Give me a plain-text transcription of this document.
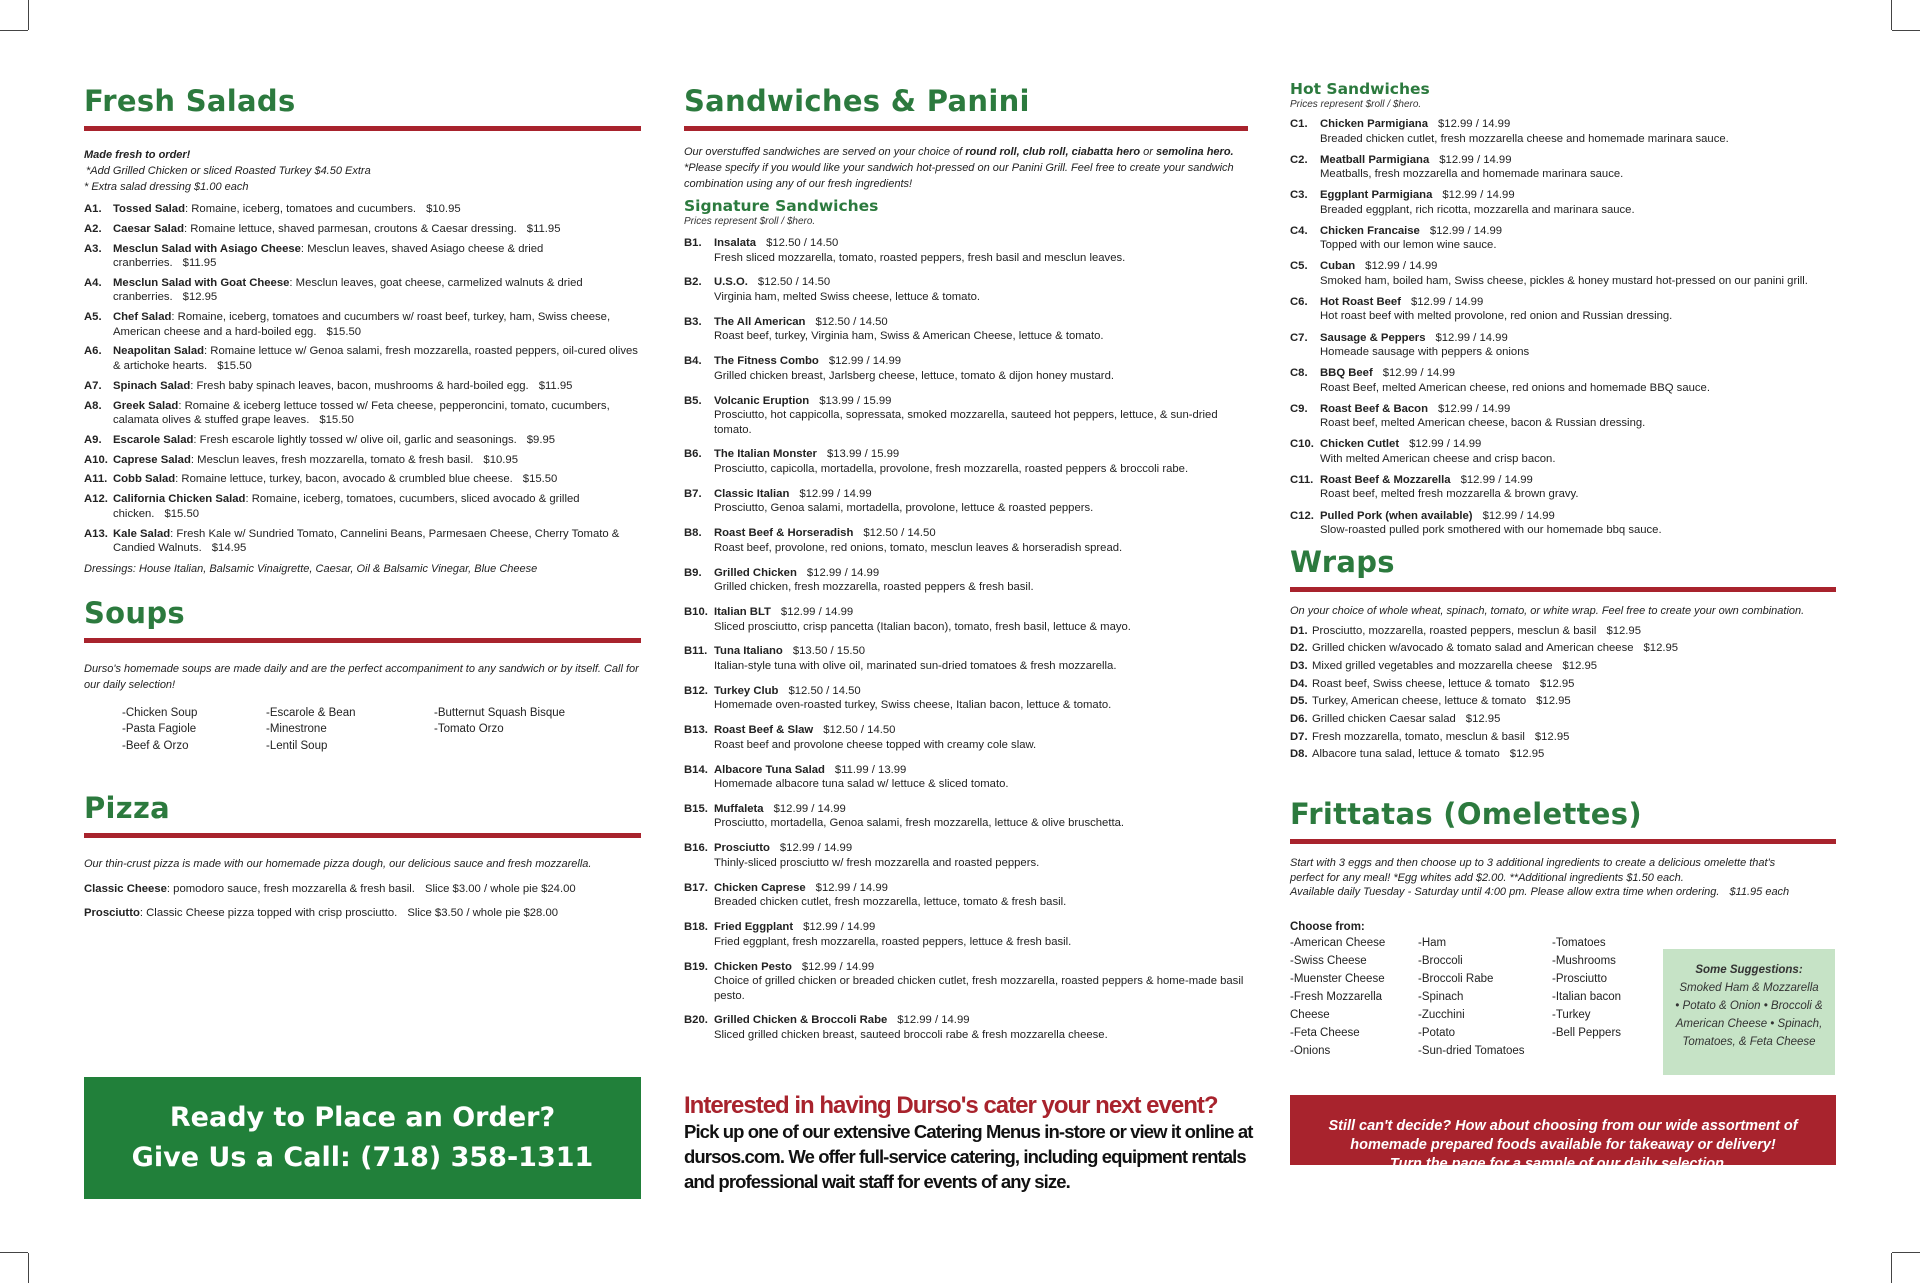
Fresh Salads
Made fresh to order!
*Add Grilled Chicken or sliced Roasted Turkey $4.50 Extra
* Extra salad dressing $1.00 each
A1.	Tossed Salad: Romaine, iceberg, tomatoes and cucumbers. $10.95
A2.	Caesar Salad: Romaine lettuce, shaved parmesan, croutons & Caesar dressing. $11.95
A3.	Mesclun Salad with Asiago Cheese: Mesclun leaves, shaved Asiago cheese & dried cranberries. $11.95
A4.	Mesclun Salad with Goat Cheese: Mesclun leaves, goat cheese, carmelized walnuts & dried cranberries. $12.95
A5.	Chef Salad: Romaine, iceberg, tomatoes and cucumbers w/ roast beef, turkey, ham, Swiss cheese, American cheese and a hard-boiled egg. $15.50
A6.	Neapolitan Salad: Romaine lettuce w/ Genoa salami, fresh mozzarella, roasted peppers, oil-cured olives & artichoke hearts. $15.50
A7.	Spinach Salad: Fresh baby spinach leaves, bacon, mushrooms & hard-boiled egg. $11.95
A8.	Greek Salad: Romaine & iceberg lettuce tossed w/ Feta cheese, pepperoncini, tomato, cucumbers, calamata olives & stuffed grape leaves. $15.50
A9.	Escarole Salad: Fresh escarole lightly tossed w/ olive oil, garlic and seasonings. $9.95
A10. Caprese Salad: Mesclun leaves, fresh mozzarella, tomato & fresh basil. $10.95
A11. Cobb Salad: Romaine lettuce, turkey, bacon, avocado & crumbled blue cheese. $15.50
A12. California Chicken Salad: Romaine, iceberg, tomatoes, cucumbers, sliced avocado & grilled chicken. $15.50
A13. Kale Salad: Fresh Kale w/ Sundried Tomato, Cannelini Beans, Parmesaen Cheese, Cherry Tomato & Candied Walnuts. $14.95
Dressings: House Italian, Balsamic Vinaigrette, Caesar, Oil & Balsamic Vinegar, Blue Cheese
Soups
Durso's homemade soups are made daily and are the perfect accompaniment to any sandwich or by itself. Call for our daily selection!
-Chicken Soup
-Pasta Fagiole
-Beef & Orzo
-Escarole & Bean
-Minestrone
-Lentil Soup
-Butternut Squash Bisque
-Tomato Orzo
Pizza
Our thin-crust pizza is made with our homemade pizza dough, our delicious sauce and fresh mozzarella.
Classic Cheese: pomodoro sauce, fresh mozzarella & fresh basil. Slice $3.00 / whole pie $24.00
Prosciutto: Classic Cheese pizza topped with crisp prosciutto. Slice $3.50 / whole pie $28.00
Ready to Place an Order?
Give Us a Call: (718) 358-1311
Sandwiches & Panini
Our overstuffed sandwiches are served on your choice of round roll, club roll, ciabatta hero or semolina hero. *Please specify if you would like your sandwich hot-pressed on our Panini Grill. Feel free to create your sandwich combination using any of our fresh ingredients!
Signature Sandwiches
Prices represent $roll / $hero.
B1.	Insalata $12.50 / 14.50
Fresh sliced mozzarella, tomato, roasted peppers, fresh basil and mesclun leaves.
B2.	U.S.O. $12.50 / 14.50
Virginia ham, melted Swiss cheese, lettuce & tomato.
B3.	The All American $12.50 / 14.50
Roast beef, turkey, Virginia ham, Swiss & American Cheese, lettuce & tomato.
B4.	The Fitness Combo $12.99 / 14.99
Grilled chicken breast, Jarlsberg cheese, lettuce, tomato & dijon honey mustard.
B5.	Volcanic Eruption $13.99 / 15.99
Prosciutto, hot cappicolla, sopressata, smoked mozzarella, sauteed hot peppers, lettuce, & sun-dried tomato.
B6.	The Italian Monster $13.99 / 15.99
Prosciutto, capicolla, mortadella, provolone, fresh mozzarella, roasted peppers & broccoli rabe.
B7.	Classic Italian $12.99 / 14.99
Prosciutto, Genoa salami, mortadella, provolone, lettuce & roasted peppers.
B8.	Roast Beef & Horseradish $12.50 / 14.50
Roast beef, provolone, red onions, tomato, mesclun leaves & horseradish spread.
B9.	Grilled Chicken $12.99 / 14.99
Grilled chicken, fresh mozzarella, roasted peppers & fresh basil.
B10. Italian BLT $12.99 / 14.99
Sliced prosciutto, crisp pancetta (Italian bacon), tomato, fresh basil, lettuce & mayo.
B11. Tuna Italiano $13.50 / 15.50
Italian-style tuna with olive oil, marinated sun-dried tomatoes & fresh mozzarella.
B12. Turkey Club $12.50 / 14.50
Homemade oven-roasted turkey, Swiss cheese, Italian bacon, lettuce & tomato.
B13. Roast Beef & Slaw $12.50 / 14.50
Roast beef and provolone cheese topped with creamy cole slaw.
B14. Albacore Tuna Salad $11.99 / 13.99
Homemade albacore tuna salad w/ lettuce & sliced tomato.
B15. Muffaleta $12.99 / 14.99
Prosciutto, mortadella, Genoa salami, fresh mozzarella, lettuce & olive bruschetta.
B16. Prosciutto $12.99 / 14.99
Thinly-sliced prosciutto w/ fresh mozzarella and roasted peppers.
B17. Chicken Caprese $12.99 / 14.99
Breaded chicken cutlet, fresh mozzarella, lettuce, tomato & fresh basil.
B18. Fried Eggplant $12.99 / 14.99
Fried eggplant, fresh mozzarella, roasted peppers, lettuce & fresh basil.
B19. Chicken Pesto $12.99 / 14.99
Choice of grilled chicken or breaded chicken cutlet, fresh mozzarella, roasted peppers & home-made basil pesto.
B20. Grilled Chicken & Broccoli Rabe $12.99 / 14.99
Sliced grilled chicken breast, sauteed broccoli rabe & fresh mozzarella cheese.
Interested in having Durso's cater your next event?
Pick up one of our extensive Catering Menus in-store or view it online at
dursos.com. We offer full-service catering, including equipment rentals
and professional wait staff for events of any size.
Hot Sandwiches
Prices represent $roll / $hero.
C1.	Chicken Parmigiana $12.99 / 14.99
Breaded chicken cutlet, fresh mozzarella cheese and homemade marinara sauce.
C2.	Meatball Parmigiana $12.99 / 14.99
Meatballs, fresh mozzarella and homemade marinara sauce.
C3.	Eggplant Parmigiana $12.99 / 14.99
Breaded eggplant, rich ricotta, mozzarella and marinara sauce.
C4.	Chicken Francaise $12.99 / 14.99
Topped with our lemon wine sauce.
C5.	Cuban $12.99 / 14.99
Smoked ham, boiled ham, Swiss cheese, pickles & honey mustard hot-pressed on our panini grill.
C6.	Hot Roast Beef $12.99 / 14.99
Hot roast beef with melted provolone, red onion and Russian dressing.
C7.	Sausage & Peppers $12.99 / 14.99
Homeade sausage with peppers & onions
C8.	BBQ Beef $12.99 / 14.99
Roast Beef, melted American cheese, red onions and homemade BBQ sauce.
C9.	Roast Beef & Bacon $12.99 / 14.99
Roast beef, melted American cheese, bacon & Russian dressing.
C10. Chicken Cutlet $12.99 / 14.99
With melted American cheese and crisp bacon.
C11. Roast Beef & Mozzarella $12.99 / 14.99
Roast beef, melted fresh mozzarella & brown gravy.
C12. Pulled Pork (when available) $12.99 / 14.99
Slow-roasted pulled pork smothered with our homemade bbq sauce.
Wraps
On your choice of whole wheat, spinach, tomato, or white wrap. Feel free to create your own combination.
D1. Prosciutto, mozzarella, roasted peppers, mesclun & basil $12.95
D2. Grilled chicken w/avocado & tomato salad and American cheese $12.95
D3. Mixed grilled vegetables and mozzarella cheese $12.95
D4. Roast beef, Swiss cheese, lettuce & tomato $12.95
D5. Turkey, American cheese, lettuce & tomato $12.95
D6. Grilled chicken Caesar salad $12.95
D7. Fresh mozzarella, tomato, mesclun & basil $12.95
D8. Albacore tuna salad, lettuce & tomato $12.95
Frittatas (Omelettes)
Start with 3 eggs and then choose up to 3 additional ingredients to create a delicious omelette that's
perfect for any meal! *Egg whites add $2.00. **Additional ingredients $1.50 each.
Available daily Tuesday - Saturday until 4:00 pm. Please allow extra time when ordering. $11.95 each
Choose from:
-American Cheese
-Swiss Cheese
-Muenster Cheese
-Fresh Mozzarella
Cheese
-Feta Cheese
-Onions
-Ham
-Broccoli
-Broccoli Rabe
-Spinach
-Zucchini
-Potato
-Sun-dried Tomatoes
-Tomatoes
-Mushrooms
-Prosciutto
-Italian bacon
-Turkey
-Bell Peppers
Some Suggestions:
Smoked Ham & Mozzarella
• Potato & Onion • Broccoli &
American Cheese • Spinach,
Tomatoes, & Feta Cheese
Still can't decide? How about choosing from our wide assortment of
homemade prepared foods available for takeaway or delivery!
Turn the page for a sample of our daily selection...
